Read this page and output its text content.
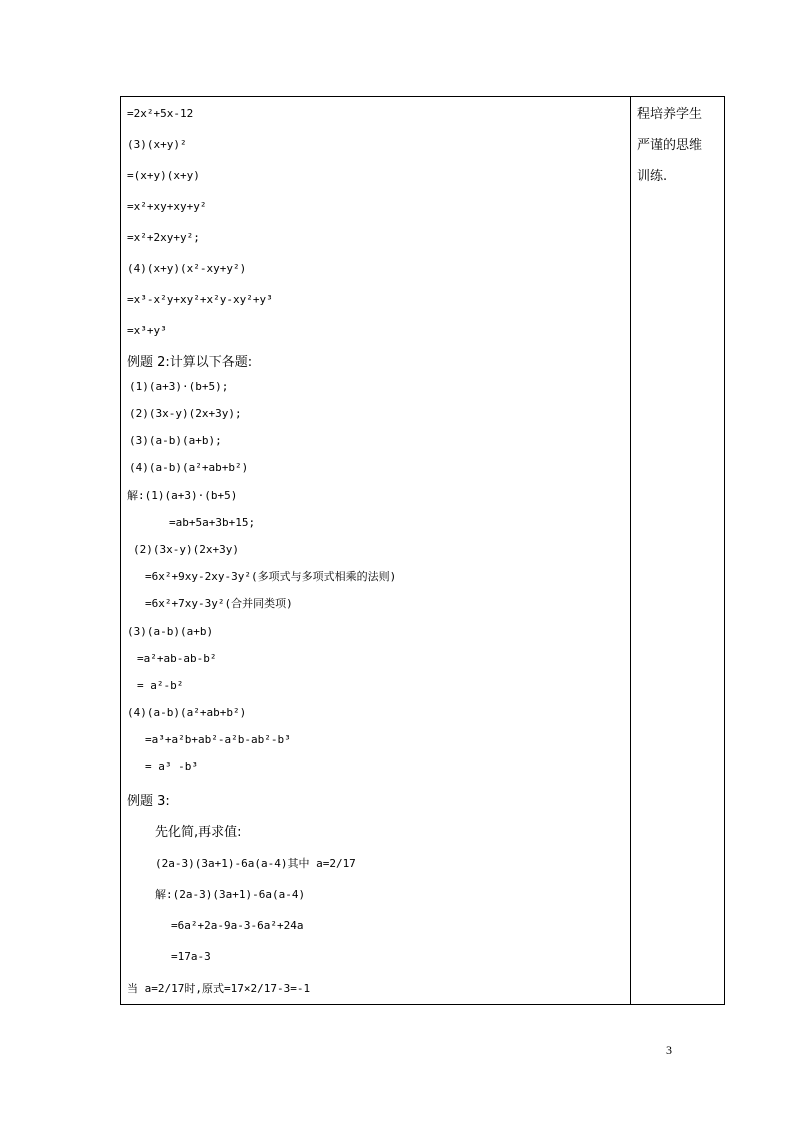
=2x²+5x-12
(3)(x+y)²
=(x+y)(x+y)
=x²+xy+xy+y²
=x²+2xy+y²;
(4)(x+y)(x²-xy+y²)
=x³-x²y+xy²+x²y-xy²+y³
=x³+y³
例题 2:计算以下各题:
(1)(a+3)·(b+5);
(2)(3x-y)(2x+3y);
(3)(a-b)(a+b);
(4)(a-b)(a²+ab+b²)
解:(1)(a+3)·(b+5)
=ab+5a+3b+15;
(2)(3x-y)(2x+3y)
=6x²+9xy-2xy-3y²(多项式与多项式相乘的法则)
=6x²+7xy-3y²(合并同类项)
(3)(a-b)(a+b)
=a²+ab-ab-b²
= a²-b²
(4)(a-b)(a²+ab+b²)
=a³+a²b+ab²-a²b-ab²-b³
= a³ -b³
例题 3:
先化简,再求值:
(2a-3)(3a+1)-6a(a-4)其中 a=2/17
解:(2a-3)(3a+1)-6a(a-4)
=6a²+2a-9a-3-6a²+24a
=17a-3
当 a=2/17时,原式=17×2/17-3=-1
程培养学生
严谨的思维
训练.
3
